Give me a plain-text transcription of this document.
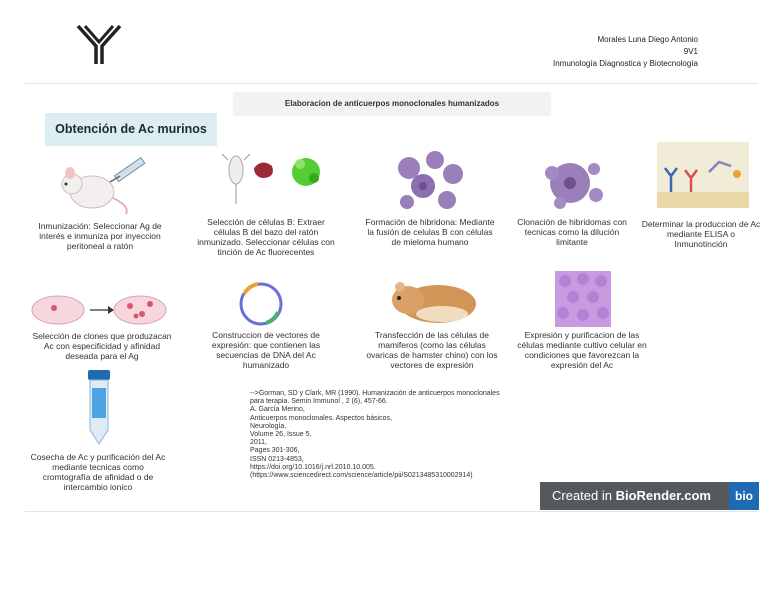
Morales Luna Diego Antonio
9V1
Inmunología Diagnostica y Biotecnología
Elaboracion de anticuerpos monoclonales humanizados
Obtención de Ac murinos
Inmunización: Seleccionar Ag de interés e inmuniza por inyeccion peritoneal a ratón
Selección de células B: Extraer células B del bazo del ratón inmunizado. Seleccionar células con tinción de Ac fluorecentes
Formación de hibridona: Mediante la fusión de celulas B con células de mieloma humano
Clonación de hibridomas con tecnicas como la dilución limitante
Determinar la produccion de Ac mediante ELISA o Inmunotinción
Selección de clones que produzacan Ac con especificidad y afinidad deseada para el Ag
Construccion de vectores de expresión: que contienen las secuencias de DNA del Ac humanizado
Transfección de las células de mamiferos (como las células ovaricas de hamster chino) con los vectores de expresión
Expresión y purificacion de las células mediante cultivo celular en condiciones que favorezcan la expresión del Ac
Cosecha de Ac y purificación del Ac mediante tecnicas como cromtografía de afinidad o de intercambio ionico
-->Gorman, SD y Clark, MR (1990). Humanización de anticuerpos monoclonales
para terapia. Semin Immunol , 2 (6), 457-66.
A. García Merino,
Anticuerpos monoclonales. Aspectos básicos,
Neurología,
Volume 26, Issue 5,
2011,
Pages 301-306,
ISSN 0213-4853,
https://doi.org/10.1016/j.nrl.2010.10.005.
(https://www.sciencedirect.com/science/article/pii/S0213485310002914)
Created in BioRender.com	bio
